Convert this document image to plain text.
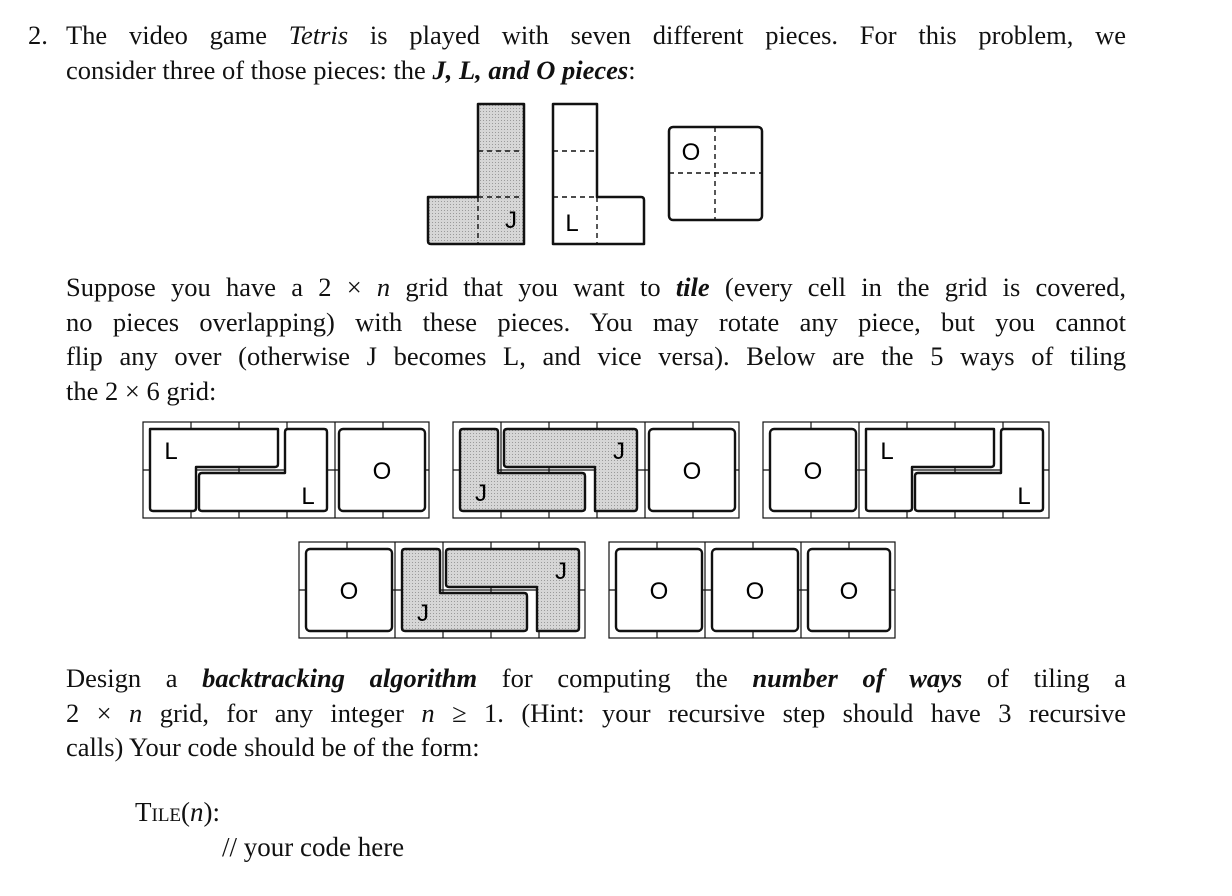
2. The video game Tetris is played with seven different pieces. For this problem, we
consider three of those pieces: the J, L, and O pieces:
J L
O
Suppose you have a 2 × n grid that you want to tile (every cell in the grid is covered,
no pieces overlapping) with these pieces. You may rotate any piece, but you cannot
flip any over (otherwise J becomes L, and vice versa). Below are the 5 ways of tiling
the 2 × 6 grid:
L
L
O
J
J
O	O
L
L
O
J
J
O	O	O
Design a backtracking algorithm for computing the number of ways of tiling a
2 × n grid, for any integer n ≥ 1. (Hint: your recursive step should have 3 recursive
calls) Your code should be of the form:
Tile(n):
// your code here
